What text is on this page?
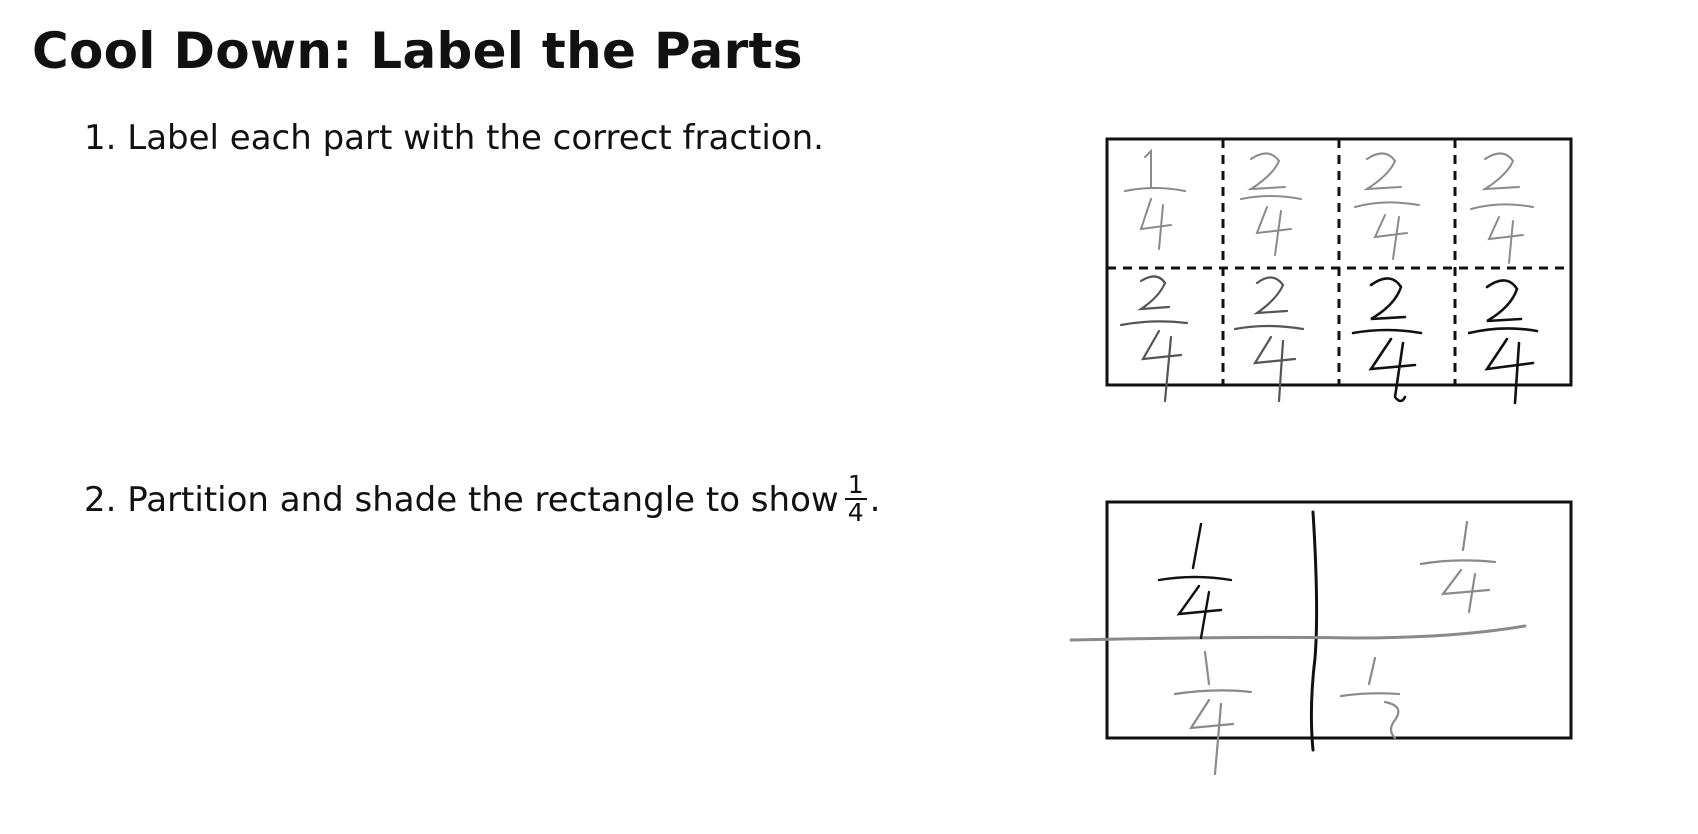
Cool Down: Label the Parts
1. Label each part with the correct fraction.
2. Partition and shade the rectangle to show $\frac{1}{4}$ .
